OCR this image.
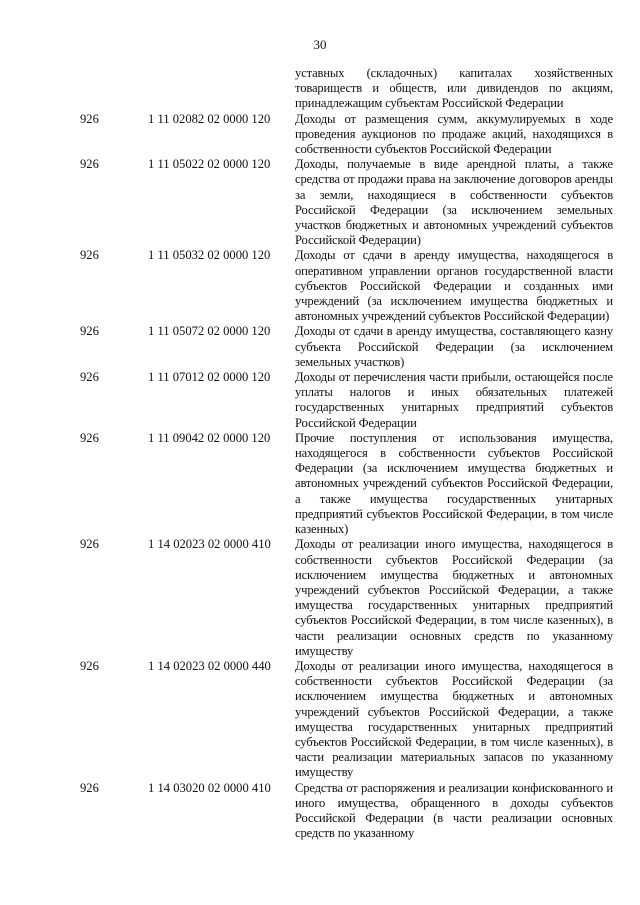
30
уставных (складочных) капиталах хозяйственных товариществ и обществ, или дивидендов по акциям, принадлежащим субъектам Российской Федерации
926	1 11 02082 02 0000 120	Доходы от размещения сумм, аккумулируемых в ходе проведения аукционов по продаже акций, находящихся в собственности субъектов Российской Федерации
926	1 11 05022 02 0000 120	Доходы, получаемые в виде арендной платы, а также средства от продажи права на заключение договоров аренды за земли, находящиеся в собственности субъектов Российской Федерации (за исключением земельных участков бюджетных и автономных учреждений субъектов Российской Федерации)
926	1 11 05032 02 0000 120	Доходы от сдачи в аренду имущества, находящегося в оперативном управлении органов государственной власти субъектов Российской Федерации и созданных ими учреждений (за исключением имущества бюджетных и автономных учреждений субъектов Российской Федерации)
926	1 11 05072 02 0000 120	Доходы от сдачи в аренду имущества, составляющего казну субъекта Российской Федерации (за исключением земельных участков)
926	1 11 07012 02 0000 120	Доходы от перечисления части прибыли, остающейся после уплаты налогов и иных обязательных платежей государственных унитарных предприятий субъектов Российской Федерации
926	1 11 09042 02 0000 120	Прочие поступления от использования имущества, находящегося в собственности субъектов Российской Федерации (за исключением имущества бюджетных и автономных учреждений субъектов Российской Федерации, а также имущества государственных унитарных предприятий субъектов Российской Федерации, в том числе казенных)
926	1 14 02023 02 0000 410	Доходы от реализации иного имущества, находящегося в собственности субъектов Российской Федерации (за исключением имущества бюджетных и автономных учреждений субъектов Российской Федерации, а также имущества государственных унитарных предприятий субъектов Российской Федерации, в том числе казенных), в части реализации основных средств по указанному имуществу
926	1 14 02023 02 0000 440	Доходы от реализации иного имущества, находящегося в собственности субъектов Российской Федерации (за исключением имущества бюджетных и автономных учреждений субъектов Российской Федерации, а также имущества государственных унитарных предприятий субъектов Российской Федерации, в том числе казенных), в части реализации материальных запасов по указанному имуществу
926	1 14 03020 02 0000 410	Средства от распоряжения и реализации конфискованного и иного имущества, обращенного в доходы субъектов Российской Федерации (в части реализации основных средств по указанному
